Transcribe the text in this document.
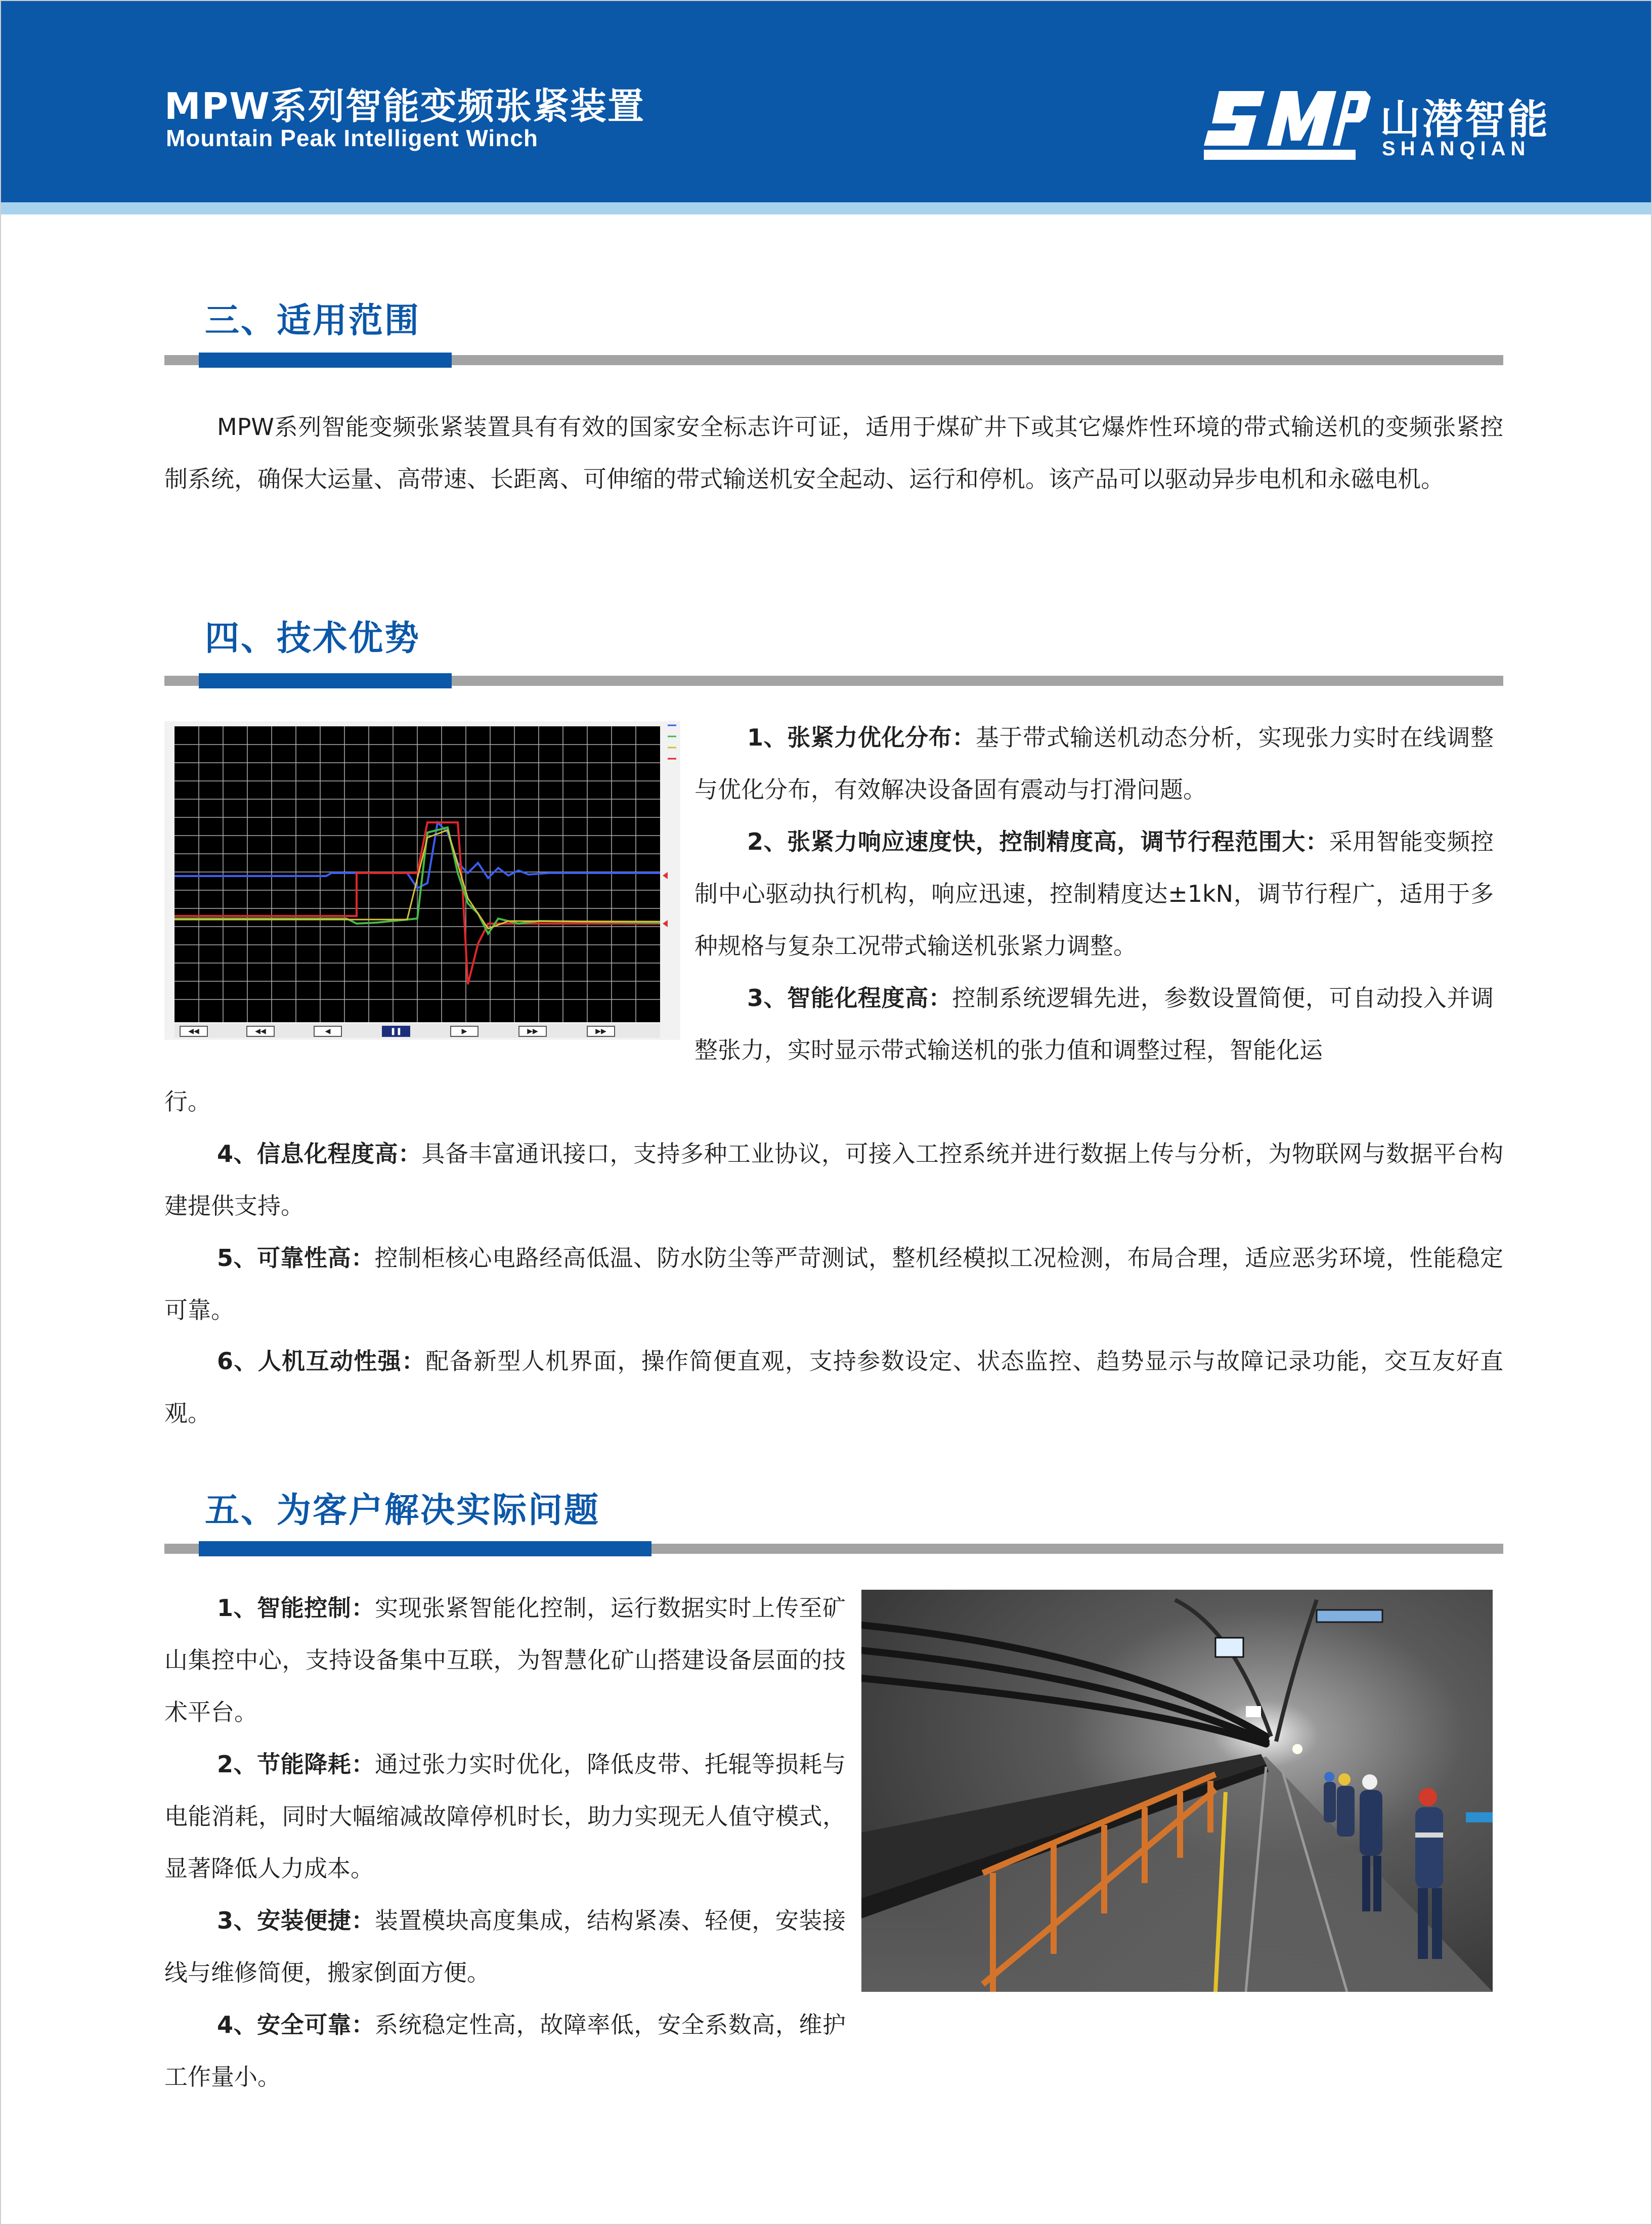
MPW系列智能变频张紧装置
Mountain Peak Intelligent Winch	山潜智能
SHANQIAN
三、适用范围
MPW系列智能变频张紧装置具有有效的国家安全标志许可证，适用于煤矿井下或其它爆炸性环境的带式输送机的变频张紧控制系统，确保大运量、高带速、长距离、可伸缩的带式输送机安全起动、运行和停机。该产品可以驱动异步电机和永磁电机。
四、技术优势
◀◀	◀◀	◀	❚❚	▶	▶▶	▶▶
1、张紧力优化分布：基于带式输送机动态分析，实现张力实时在线调整与优化分布，有效解决设备固有震动与打滑问题。
2、张紧力响应速度快，控制精度高，调节行程范围大：采用智能变频控制中心驱动执行机构，响应迅速，控制精度达±1kN，调节行程广，适用于多种规格与复杂工况带式输送机张紧力调整。
3、智能化程度高：控制系统逻辑先进，参数设置简便，可自动投入并调整张力，实时显示带式输送机的张力值和调整过程，智能化运
行。
4、信息化程度高：具备丰富通讯接口，支持多种工业协议，可接入工控系统并进行数据上传与分析，为物联网与数据平台构建提供支持。
5、可靠性高：控制柜核心电路经高低温、防水防尘等严苛测试，整机经模拟工况检测，布局合理，适应恶劣环境，性能稳定可靠。
6、人机互动性强：配备新型人机界面，操作简便直观，支持参数设定、状态监控、趋势显示与故障记录功能，交互友好直观。
五、为客户解决实际问题
1、智能控制：实现张紧智能化控制，运行数据实时上传至矿山集控中心，支持设备集中互联，为智慧化矿山搭建设备层面的技术平台。
2、节能降耗：通过张力实时优化，降低皮带、托辊等损耗与电能消耗，同时大幅缩减故障停机时长，助力实现无人值守模式，显著降低人力成本。
3、安装便捷：装置模块高度集成，结构紧凑、轻便，安装接线与维修简便，搬家倒面方便。
4、安全可靠：系统稳定性高，故障率低，安全系数高，维护工作量小。
